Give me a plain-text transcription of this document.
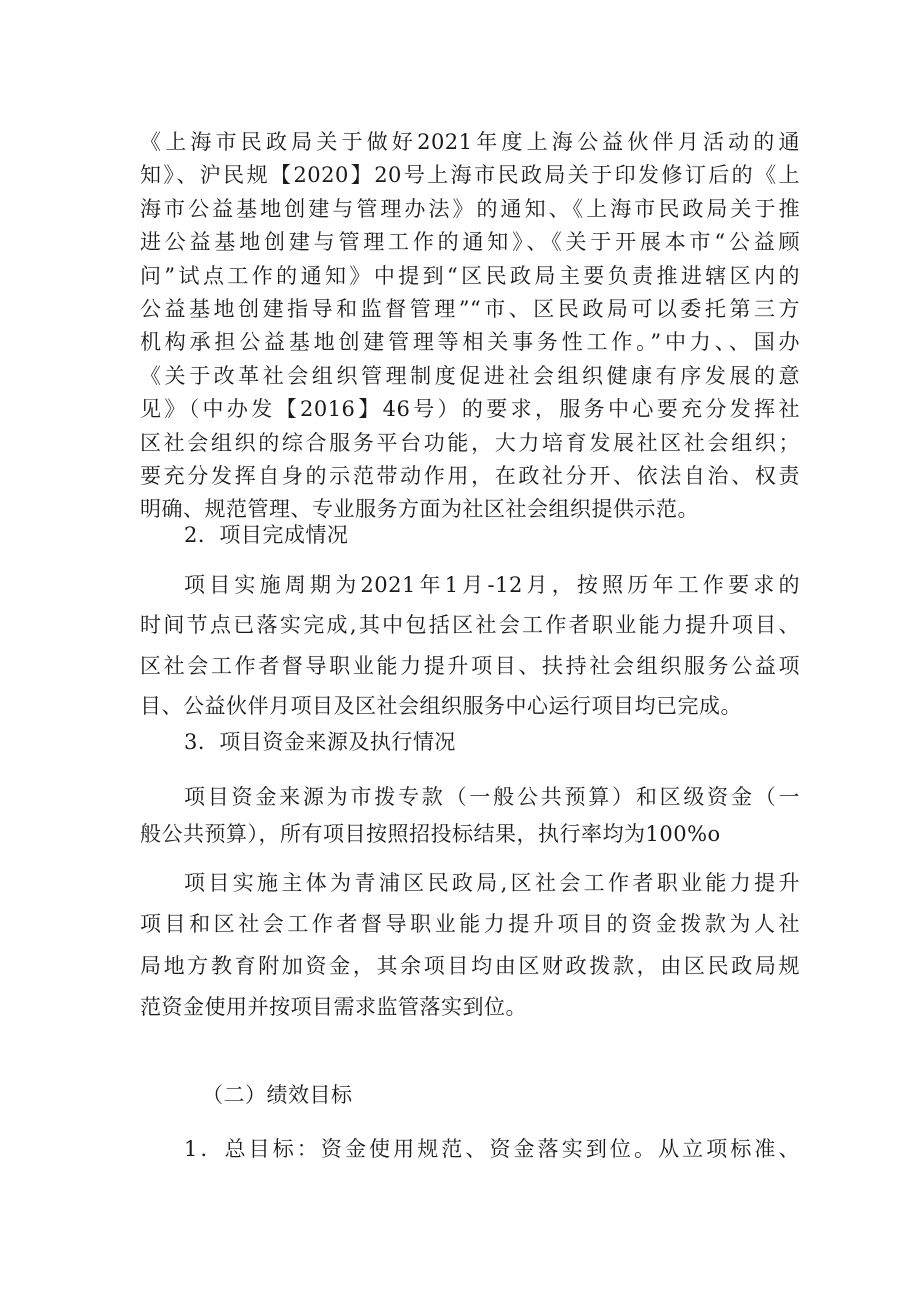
《上海市民政局关于做好2021年度上海公益伙伴月活动的通
知》、沪民规【2020】20号上海市民政局关于印发修订后的《上
海市公益基地创建与管理办法》的通知、《上海市民政局关于推
进公益基地创建与管理工作的通知》、《关于开展本市“公益顾
问”试点工作的通知》中提到“区民政局主要负责推进辖区内的
公益基地创建指导和监督管理”“市、区民政局可以委托第三方
机构承担公益基地创建管理等相关事务性工作。”中力、、国办
《关于改革社会组织管理制度促进社会组织健康有序发展的意
见》（中办发【2016】46号）的要求，服务中心要充分发挥社
区社会组织的综合服务平台功能，大力培育发展社区社会组织；
要充分发挥自身的示范带动作用，在政社分开、依法自治、权责
明确、规范管理、专业服务方面为社区社会组织提供示范。
2．项目完成情况
项目实施周期为2021年1月-12月，按照历年工作要求的
时间节点已落实完成,其中包括区社会工作者职业能力提升项目、
区社会工作者督导职业能力提升项目、扶持社会组织服务公益项
目、公益伙伴月项目及区社会组织服务中心运行项目均已完成。
3．项目资金来源及执行情况
项目资金来源为市拨专款（一般公共预算）和区级资金（一
般公共预算），所有项目按照招投标结果，执行率均为100%o
项目实施主体为青浦区民政局,区社会工作者职业能力提升
项目和区社会工作者督导职业能力提升项目的资金拨款为人社
局地方教育附加资金，其余项目均由区财政拨款，由区民政局规
范资金使用并按项目需求监管落实到位。
（二）绩效目标
1．总目标：资金使用规范、资金落实到位。从立项标准、
